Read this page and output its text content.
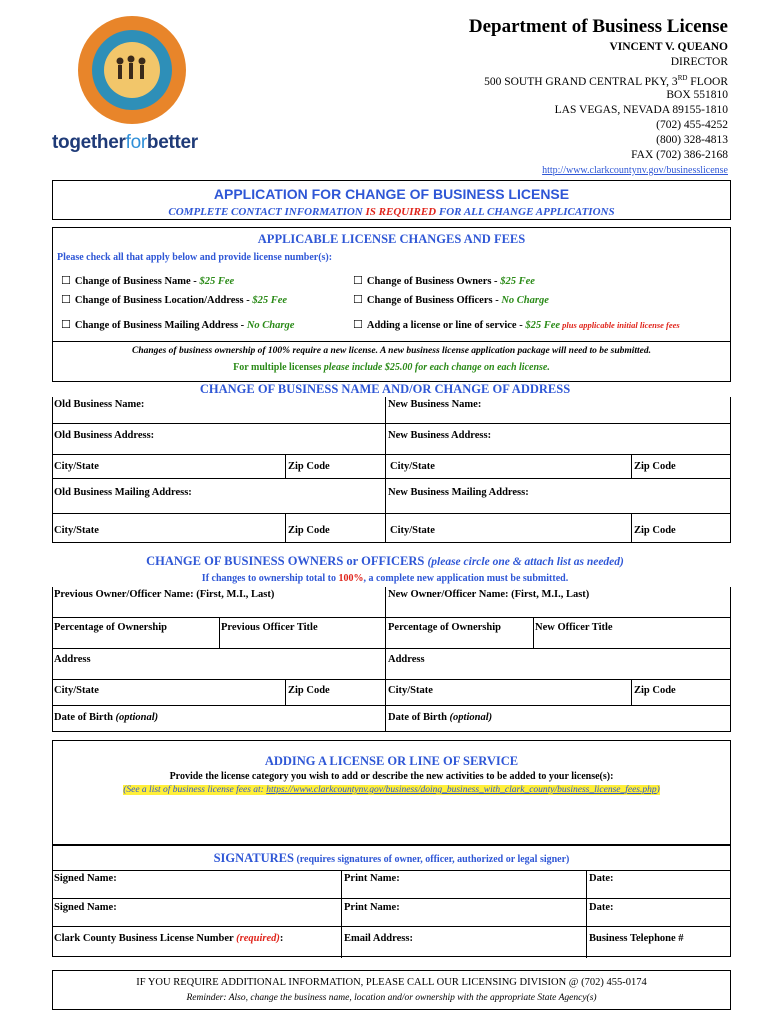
togetherforbetter
Department of Business License
VINCENT V. QUEANO
DIRECTOR
500 SOUTH GRAND CENTRAL PKY, 3RD FLOOR
BOX 551810
LAS VEGAS, NEVADA 89155-1810
(702) 455-4252
(800) 328-4813
FAX (702) 386-2168
http://www.clarkcountynv.gov/businesslicense
APPLICATION FOR CHANGE OF BUSINESS LICENSE
COMPLETE CONTACT INFORMATION IS REQUIRED FOR ALL CHANGE APPLICATIONS
APPLICABLE LICENSE CHANGES AND FEES
Please check all that apply below and provide license number(s):
☐ Change of Business Name - $25 Fee	☐ Change of Business Owners - $25 Fee
☐ Change of Business Location/Address - $25 Fee	☐ Change of Business Officers - No Charge
☐ Change of Business Mailing Address - No Charge	☐ Adding a license or line of service - $25 Fee plus applicable initial license fees
Changes of business ownership of 100% require a new license. A new business license application package will need to be submitted.
For multiple licenses please include $25.00 for each change on each license.
CHANGE OF BUSINESS NAME AND/OR CHANGE OF ADDRESS
Old Business Name:	New Business Name:
Old Business Address:	New Business Address:
City/State	Zip Code	City/State	Zip Code
Old Business Mailing Address:	New Business Mailing Address:
City/State	Zip Code	City/State	Zip Code
CHANGE OF BUSINESS OWNERS or OFFICERS (please circle one & attach list as needed)
If changes to ownership total to 100%, a complete new application must be submitted.
Previous Owner/Officer Name: (First, M.I., Last)	New Owner/Officer Name: (First, M.I., Last)
Percentage of Ownership	Previous Officer Title	Percentage of Ownership	New Officer Title
Address	Address
City/State	Zip Code	City/State	Zip Code
Date of Birth (optional)	Date of Birth (optional)
ADDING A LICENSE OR LINE OF SERVICE
Provide the license category you wish to add or describe the new activities to be added to your license(s):
(See a list of business license fees at: https://www.clarkcountynv.gov/business/doing_business_with_clark_county/business_license_fees.php)
SIGNATURES (requires signatures of owner, officer, authorized or legal signer)
Signed Name:	Print Name:	Date:
Signed Name:	Print Name:	Date:
Clark County Business License Number (required):	Email Address:	Business Telephone #
IF YOU REQUIRE ADDITIONAL INFORMATION, PLEASE CALL OUR LICENSING DIVISION @ (702) 455-0174
Reminder: Also, change the business name, location and/or ownership with the appropriate State Agency(s)
